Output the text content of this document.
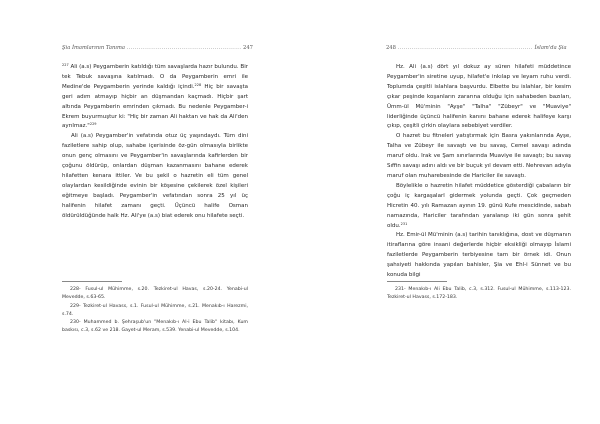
Şia İmamlarının Tanıma ........................................................ 247

$^{227}$ Ali (a.s) Peygamberin katıldığı tüm savaşlarda hazır bulundu. Bir tek Tebuk savaşına katılmadı. O da Peygamberin emri ile Medine'de Peygamberin yerinde kaldığı içindi.$^{228}$ Hiç bir savaşta geri adım atmayıp hiçbir an düşmandan kaçmadı. Hiçbir şart altında Peygamberin emrinden çıkmadı. Bu nedenle Peygamber-i Ekrem buyurmuştur ki: "Hiç bir zaman Ali haktan ve hak da Ali'den ayrılmaz."$^{229}$

Ali (a.s) Peygamber'in vefatında otuz üç yaşındaydı. Tüm dini faziletlere sahip olup, sahabe içerisinde öz-gün olmasıyla birlikte onun genç olmasını ve Peygamber'in savaşlarında kafirlerden bir çoğunu öldürüp, onlardan düşman kazanmasını bahane ederek hilafetten kenara ittiler. Ve bu şekil o hazretin eli tüm genel olaylardan kesildiğinde evinin bir köşesine çekilerek özel kişileri eğitmeye başladı. Peygamber'in vefatından sonra 25 yıl üç halifenin hilafet zamanı geçti. Üçüncü halife Osman öldürüldüğünde halk Hz. Ali'ye (a.s) biat ederek onu hilafete seçti.

228- Fusul-ul Mühimme, s.20. Tezkiret-ul Havas, s.20-24. Yenabi-ul Mevedde, s.63-65.

229- Tezkiret-ul Havass, s.1. Fusul-ul Mühimme, s.21. Menakıb-ı Harezmi, s.74.

230- Muhammed b. Şehraşub'un "Menakıb-ı Al-i Ebu Talib" kitabı, Kum baskısı, c.3, s.62 ve 218. Gayet-ul Meram, s.539. Yenabi-ul Mevedde, s.104.

248 .................................................................. İslam'da Şia

Hz. Ali (a.s) dört yıl dokuz ay süren hilafeti müddetince Peygamber'in siretine uyup, hilafet'e inkılap ve leyam ruhu verdi. Toplumda çeşitli islahlara başvurdu. Elbette bu islahlar, bir kesim çıkar peşinde koşanların zararına olduğu için sahabeden bazıları, Ümm-ül Mü'minin "Ayşe" "Talha" "Zübeyr" ve "Muaviye" liderliğinde üçüncü halifenin kanını bahane ederek halifeye karşı çıkıp, çeşitli çirkin olaylara sebebiyet verdiler.

O hazret bu fitneleri yatıştırmak için Basra yakınlarında Ayşe, Talha ve Zübeyr ile savaştı ve bu savaş, Cemel savaşı adında maruf oldu. Irak ve Şam sınırlarında Muaviye ile savaştı; bu savaş Sıffin savaşı adını aldı ve bir buçuk yıl devam etti. Nehrevan adıyla maruf olan muharebesinde de Hariciler ile savaştı.

Böylelikle o hazretin hilafet müddetice gösterdiği çabaların bir çoğu iç kargaşalarl gidermek yolunda geçti. Çok geçmeden Hicretin 40. yılı Ramazan ayının 19. günü Kufe mescidinde, sabah namazında, Hariciler tarafından yaralanıp iki gün sonra şehit oldu.$^{231}$

Hz. Emir-ül Mü'minin (a.s) tarihin tanıklığına, dost ve düşmanın itiraflarına göre insani değerlerde hiçbir eksikliği olmayıp İslami faziletlerde Peygamberin terbiyesine tam bir örnek idi. Onun şahsiyeti hakkında yapılan bahisler, Şia ve Ehl-i Sünnet ve bu konuda bilgi

231- Menakıb-ı Ali Ebu Talib, c.3, s.312. Fusul-ul Mühimme, s.113-123. Tezkiret-ul Havass, s.172-183.
